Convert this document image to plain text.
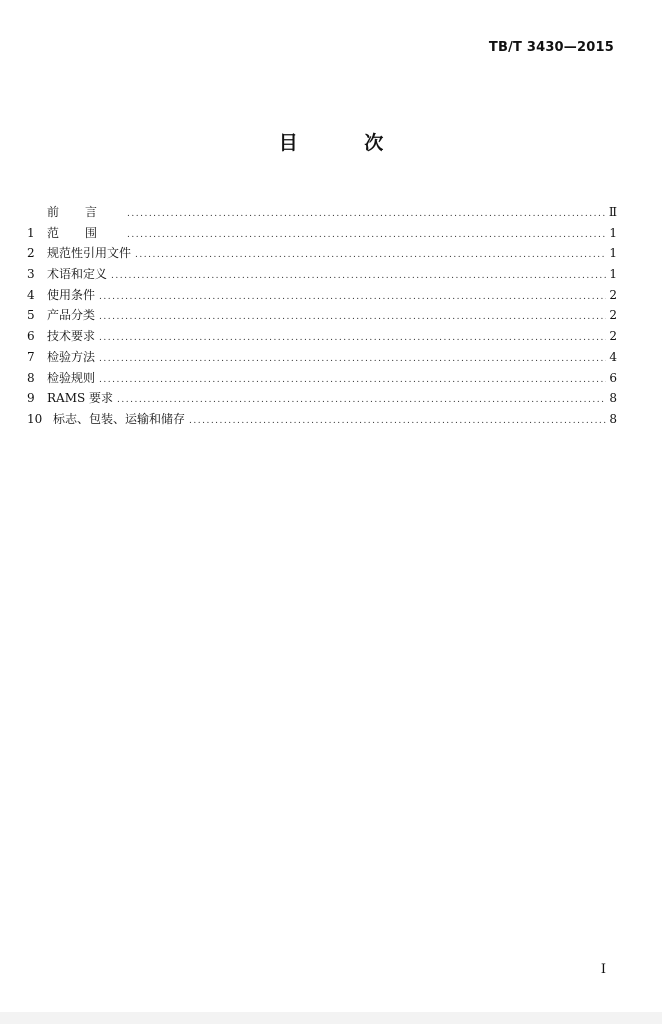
TB/T 3430—2015
目 次
前言 .....	Ⅱ
1 范围 .....	1
2 规范性引用文件 .....	1
3 术语和定义 .....	1
4 使用条件 .....	2
5 产品分类 .....	2
6 技术要求 .....	2
7 检验方法 .....	4
8 检验规则 .....	6
9 RAMS 要求 .....	8
10 标志、包装、运输和储存 .....	8
Ⅰ
